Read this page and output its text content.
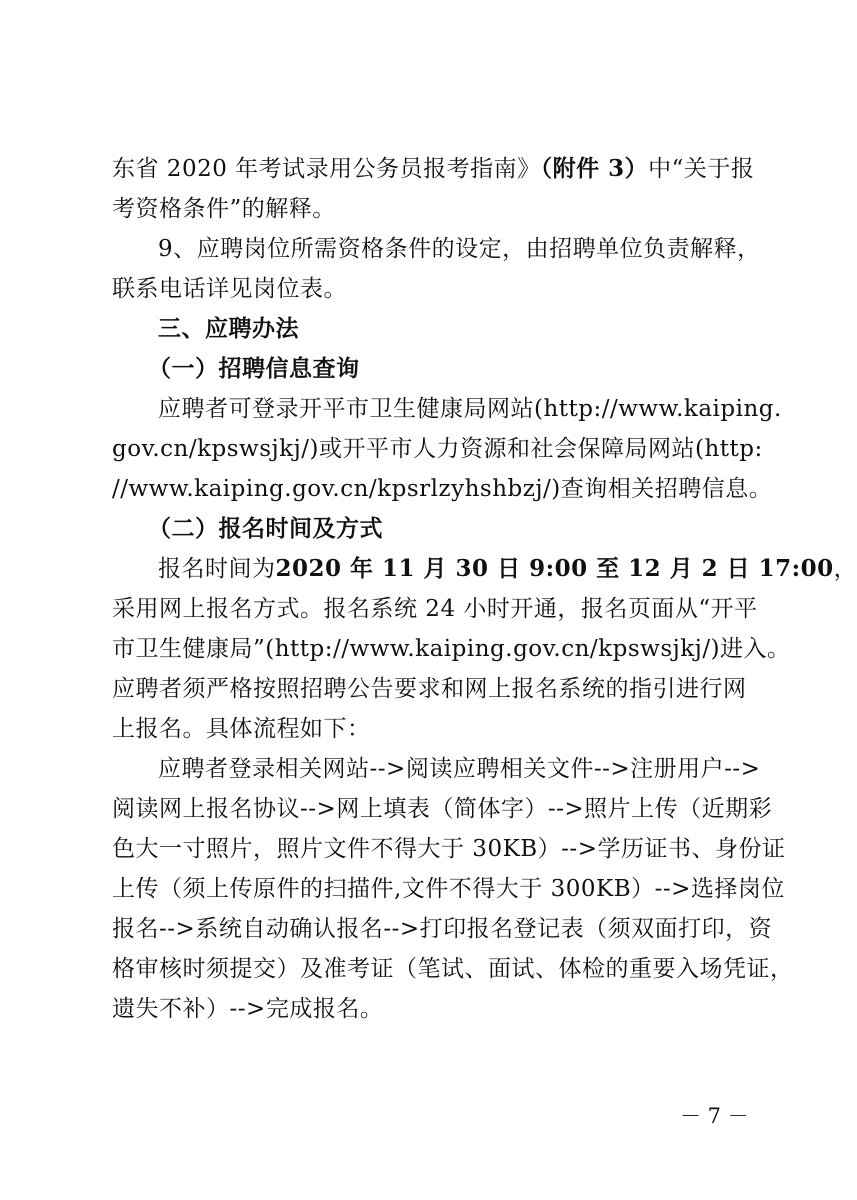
东省 2020 年考试录用公务员报考指南》（附件 3）中“关于报
考资格条件”的解释。
9、应聘岗位所需资格条件的设定，由招聘单位负责解释，
联系电话详见岗位表。
三、应聘办法
（一）招聘信息查询
应聘者可登录开平市卫生健康局网站(http://www.kaiping.
gov.cn/kpswsjkj/)或开平市人力资源和社会保障局网站(http:
//www.kaiping.gov.cn/kpsrlzyhshbzj/)查询相关招聘信息。
（二）报名时间及方式
报名时间为2020 年 11 月 30 日 9:00 至 12 月 2 日 17:00，
采用网上报名方式。报名系统 24 小时开通，报名页面从“开平
市卫生健康局”(http://www.kaiping.gov.cn/kpswsjkj/)进入。
应聘者须严格按照招聘公告要求和网上报名系统的指引进行网
上报名。具体流程如下：
应聘者登录相关网站-->阅读应聘相关文件-->注册用户-->
阅读网上报名协议-->网上填表（简体字）-->照片上传（近期彩
色大一寸照片，照片文件不得大于 30KB）-->学历证书、身份证
上传（须上传原件的扫描件,文件不得大于 300KB）-->选择岗位
报名-->系统自动确认报名-->打印报名登记表（须双面打印，资
格审核时须提交）及准考证（笔试、面试、体检的重要入场凭证，
遗失不补）-->完成报名。
－ 7 －
